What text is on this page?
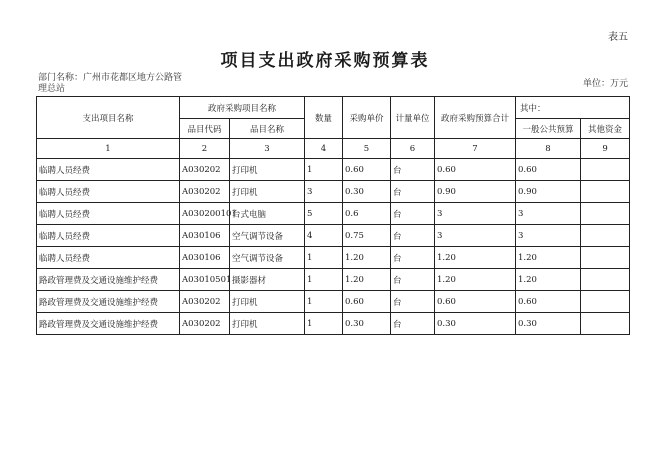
表五
项目支出政府采购预算表
部门名称：广州市花都区地方公路管理总站	单位：万元
支出项目名称	政府采购项目名称		数量	采购单价	计量单位	政府采购预算合计	其中：	
	品目代码	品目名称					一般公共预算	其他资金
1	2	3	4	5	6	7	8	9
临聘人员经费	A030202	打印机	1	0.60	台	0.60	0.60	
临聘人员经费	A030202	打印机	3	0.30	台	0.90	0.90	
临聘人员经费	A030200101	台式电脑	5	0.6	台	3	3	
临聘人员经费	A030106	空气调节设备	4	0.75	台	3	3	
临聘人员经费	A030106	空气调节设备	1	1.20	台	1.20	1.20	
路政管理费及交通设施维护经费	A03010501	摄影器材	1	1.20	台	1.20	1.20	
路政管理费及交通设施维护经费	A030202	打印机	1	0.60	台	0.60	0.60	
路政管理费及交通设施维护经费	A030202	打印机	1	0.30	台	0.30	0.30	
